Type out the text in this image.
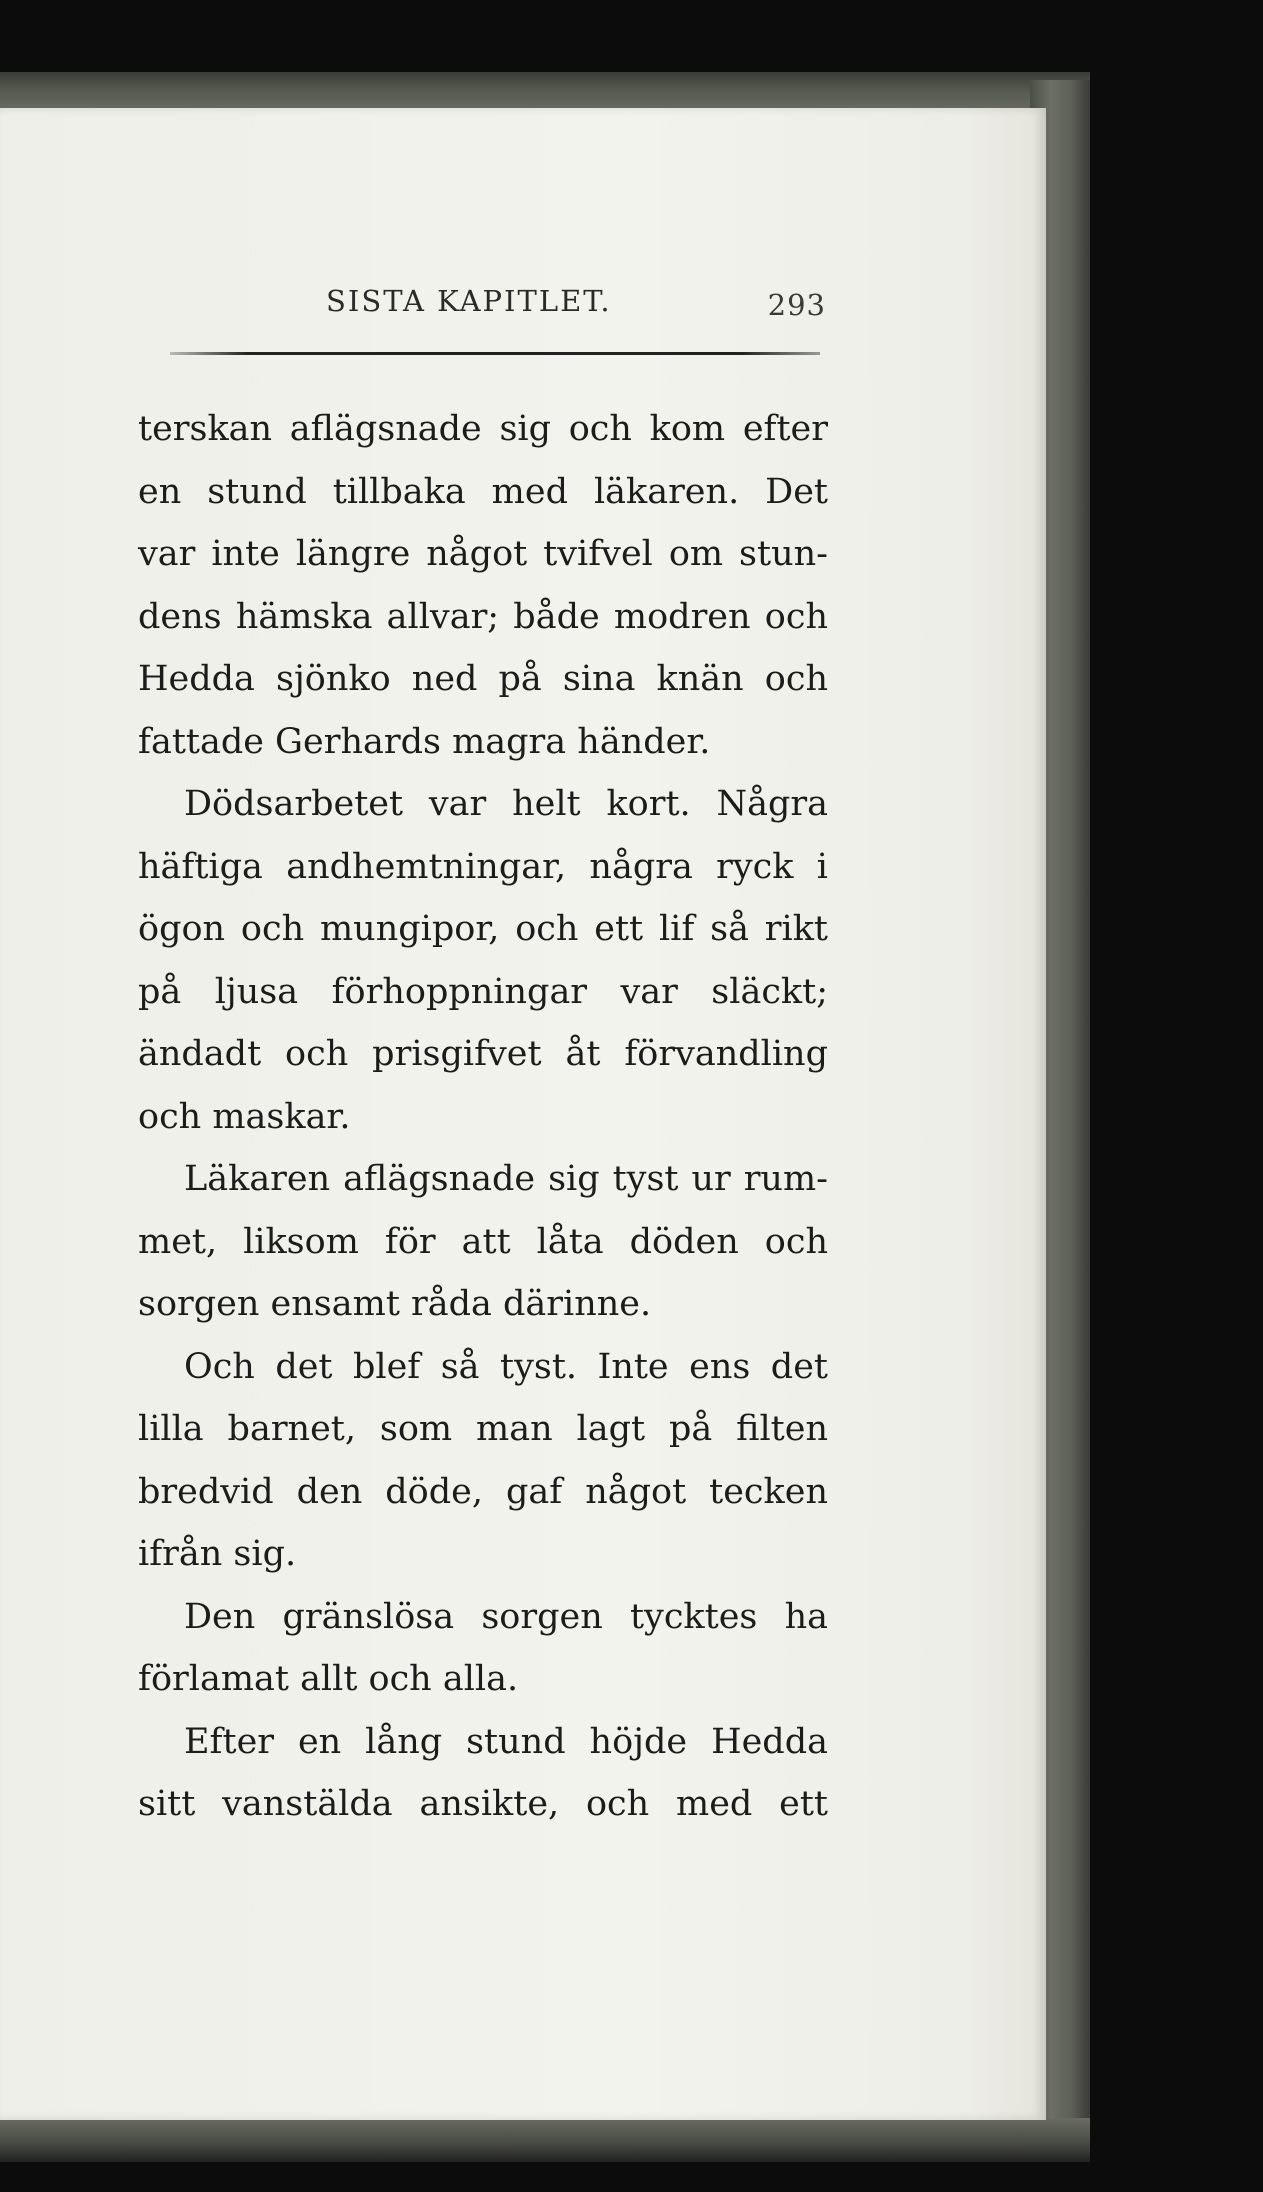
SISTA KAPITLET.	293
terskan aflägsnade sig och kom efter
en stund tillbaka med läkaren. Det
var inte längre något tvifvel om stun-
dens hämska allvar; både modren och
Hedda sjönko ned på sina knän och
fattade Gerhards magra händer.
Dödsarbetet var helt kort. Några
häftiga andhemtningar, några ryck i
ögon och mungipor, och ett lif så rikt
på ljusa förhoppningar var släckt;
ändadt och prisgifvet åt förvandling
och maskar.
Läkaren aflägsnade sig tyst ur rum-
met, liksom för att låta döden och
sorgen ensamt råda därinne.
Och det blef så tyst. Inte ens det
lilla barnet, som man lagt på filten
bredvid den döde, gaf något tecken
ifrån sig.
Den gränslösa sorgen tycktes ha
förlamat allt och alla.
Efter en lång stund höjde Hedda
sitt vanstälda ansikte, och med ett
